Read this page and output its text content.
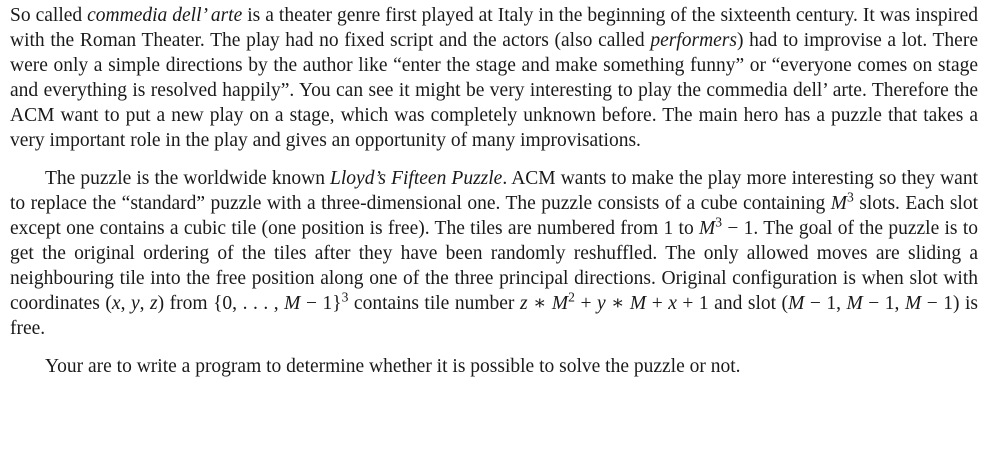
So called commedia dell’ arte is a theater genre first played at Italy in the beginning of the sixteenth century. It was inspired with the Roman Theater. The play had no fixed script and the actors (also called performers) had to improvise a lot. There were only a simple directions by the author like “enter the stage and make something funny” or “everyone comes on stage and everything is resolved happily”. You can see it might be very interesting to play the commedia dell’ arte. Therefore the ACM want to put a new play on a stage, which was completely unknown before. The main hero has a puzzle that takes a very important role in the play and gives an opportunity of many improvisations.

The puzzle is the worldwide known Lloyd’s Fifteen Puzzle. ACM wants to make the play more interesting so they want to replace the “standard” puzzle with a three-dimensional one. The puzzle consists of a cube containing $M^3$ slots. Each slot except one contains a cubic tile (one position is free). The tiles are numbered from 1 to $M^3 - 1$. The goal of the puzzle is to get the original ordering of the tiles after they have been randomly reshuffled. The only allowed moves are sliding a neighbouring tile into the free position along one of the three principal directions. Original configuration is when slot with coordinates (x, y, z) from {0, . . . , M − 1}$^3$ contains tile number z ∗ $M^2 + y$ ∗ M + x + 1 and slot (M − 1, M − 1, M − 1) is free.

Your are to write a program to determine whether it is possible to solve the puzzle or not.
